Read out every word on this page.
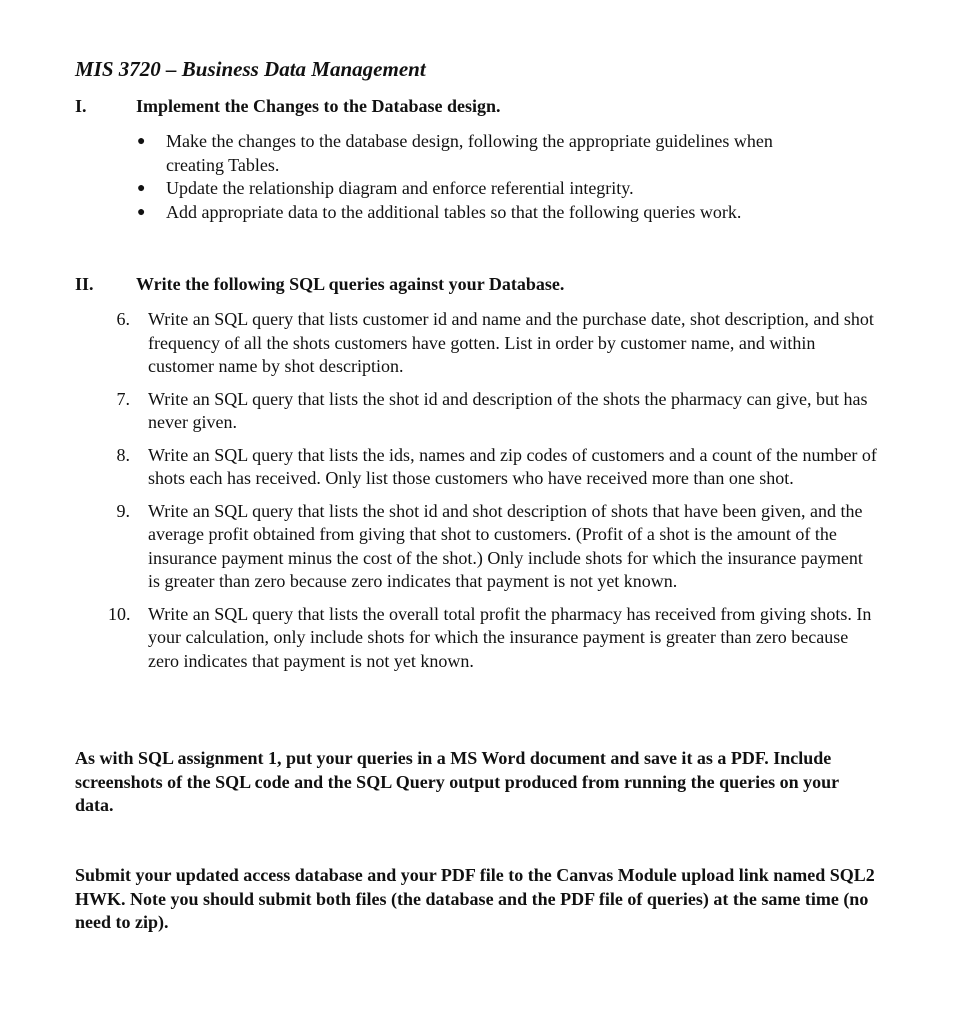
MIS 3720 – Business Data Management
I.	Implement the Changes to the Database design.
● Make the changes to the database design, following the appropriate guidelines when creating Tables.
● Update the relationship diagram and enforce referential integrity.
● Add appropriate data to the additional tables so that the following queries work.
II. Write the following SQL queries against your Database.
6. Write an SQL query that lists customer id and name and the purchase date, shot description, and shot frequency of all the shots customers have gotten. List in order by customer name, and within customer name by shot description.
7. Write an SQL query that lists the shot id and description of the shots the pharmacy can give, but has never given.
8. Write an SQL query that lists the ids, names and zip codes of customers and a count of the number of shots each has received. Only list those customers who have received more than one shot.
9. Write an SQL query that lists the shot id and shot description of shots that have been given, and the average profit obtained from giving that shot to customers. (Profit of a shot is the amount of the insurance payment minus the cost of the shot.) Only include shots for which the insurance payment is greater than zero because zero indicates that payment is not yet known.
10. Write an SQL query that lists the overall total profit the pharmacy has received from giving shots. In your calculation, only include shots for which the insurance payment is greater than zero because zero indicates that payment is not yet known.

As with SQL assignment 1, put your queries in a MS Word document and save it as a PDF. Include screenshots of the SQL code and the SQL Query output produced from running the queries on your data.

Submit your updated access database and your PDF file to the Canvas Module upload link named SQL2 HWK. Note you should submit both files (the database and the PDF file of queries) at the same time (no need to zip).
